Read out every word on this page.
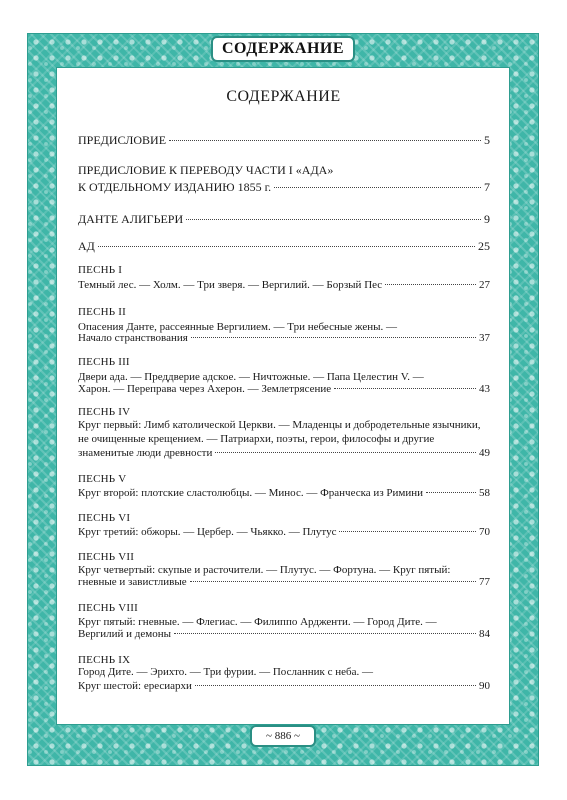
СОДЕРЖАНИЕ
СОДЕРЖАНИЕ
ПРЕДИСЛОВИЕ	5
ПРЕДИСЛОВИЕ К ПЕРЕВОДУ ЧАСТИ I «АДА»
К ОТДЕЛЬНОМУ ИЗДАНИЮ 1855 г.	7
ДАНТЕ АЛИГЬЕРИ	9
АД	25
ПЕСНЬ I
Темный лес. — Холм. — Три зверя. — Вергилий. — Борзый Пес	27
ПЕСНЬ II
Опасения Данте, рассеянные Вергилием. — Три небесные жены. —
Начало странствования	37
ПЕСНЬ III
Двери ада. — Преддверие адское. — Ничтожные. — Папа Целестин V. —
Харон. — Переправа через Ахерон. — Землетрясение	43
ПЕСНЬ IV
Круг первый: Лимб католической Церкви. — Младенцы и добродетельные язычники,
не очищенные крещением. — Патриархи, поэты, герои, философы и другие
знаменитые люди древности	49
ПЕСНЬ V
Круг второй: плотские сластолюбцы. — Минос. — Франческа из Римини	58
ПЕСНЬ VI
Круг третий: обжоры. — Цербер. — Чьякко. — Плутус	70
ПЕСНЬ VII
Круг четвертый: скупые и расточители. — Плутус. — Фортуна. — Круг пятый:
гневные и завистливые	77
ПЕСНЬ VIII
Круг пятый: гневные. — Флегиас. — Филиппо Ардженти. — Город Дите. —
Вергилий и демоны	84
ПЕСНЬ IX
Город Дите. — Эрихто. — Три фурии. — Посланник с неба. —
Круг шестой: ересиархи	90
~ 886 ~
